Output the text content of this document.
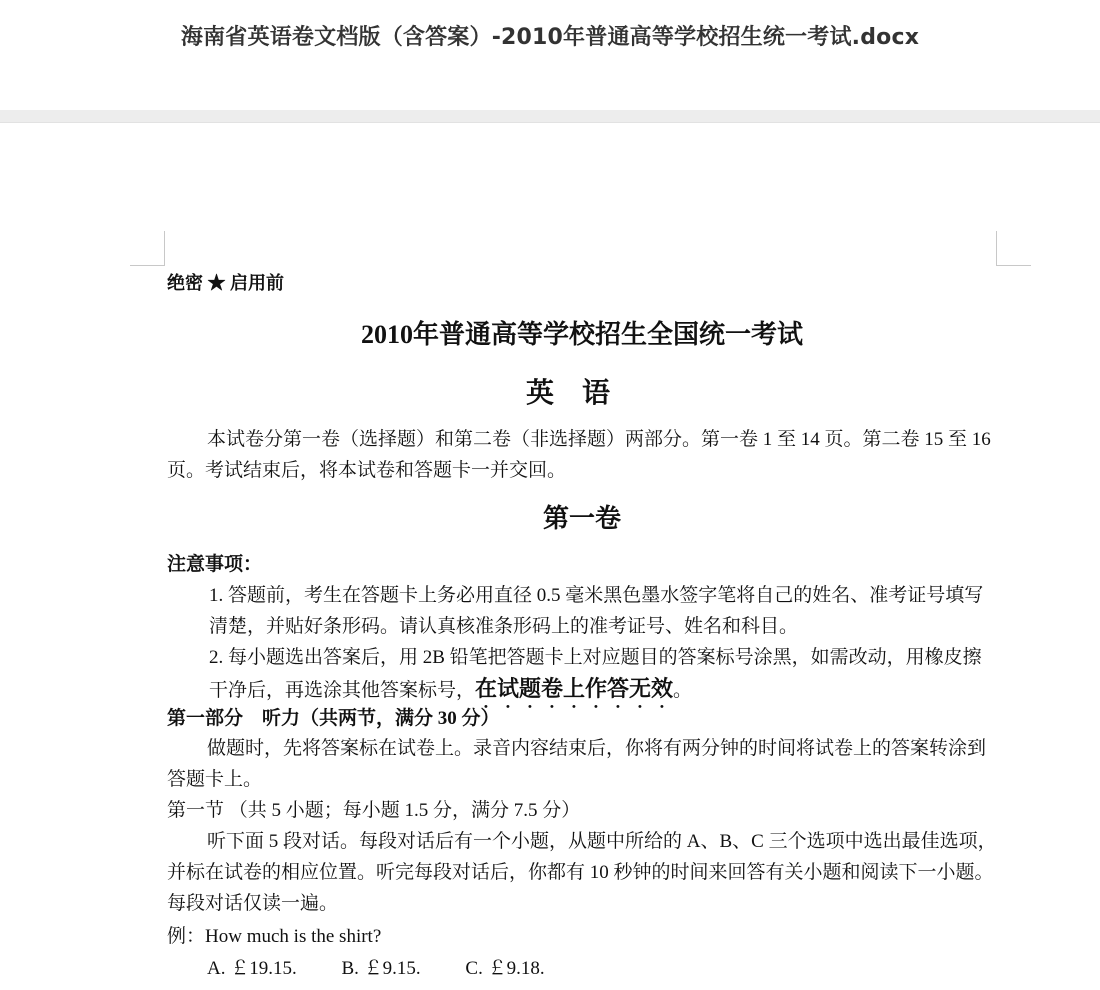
海南省英语卷文档版（含答案）-2010年普通高等学校招生统一考试.docx

绝密 ★ 启用前

2010年普通高等学校招生全国统一考试

英语

本试卷分第一卷（选择题）和第二卷（非选择题）两部分。第一卷 1 至 14 页。第二卷 15 至 16 页。考试结束后，将本试卷和答题卡一并交回。

第一卷

注意事项：

1. 答题前，考生在答题卡上务必用直径 0.5 毫米黑色墨水签字笔将自己的姓名、准考证号填写清楚，并贴好条形码。请认真核准条形码上的准考证号、姓名和科目。

2. 每小题选出答案后，用 2B 铅笔把答题卡上对应题目的答案标号涂黑，如需改动，用橡皮擦干净后，再选涂其他答案标号，在试题卷上作答无效。

第一部分　听力（共两节，满分 30 分）

做题时，先将答案标在试卷上。录音内容结束后，你将有两分钟的时间将试卷上的答案转涂到答题卡上。

第一节 （共 5 小题；每小题 1.5 分，满分 7.5 分）

听下面 5 段对话。每段对话后有一个小题，从题中所给的 A、B、C 三个选项中选出最佳选项，并标在试卷的相应位置。听完每段对话后，你都有 10 秒钟的时间来回答有关小题和阅读下一小题。每段对话仅读一遍。

例：How much is the shirt?

A. ￡19.15. B. ￡9.15. C. ￡9.18.
